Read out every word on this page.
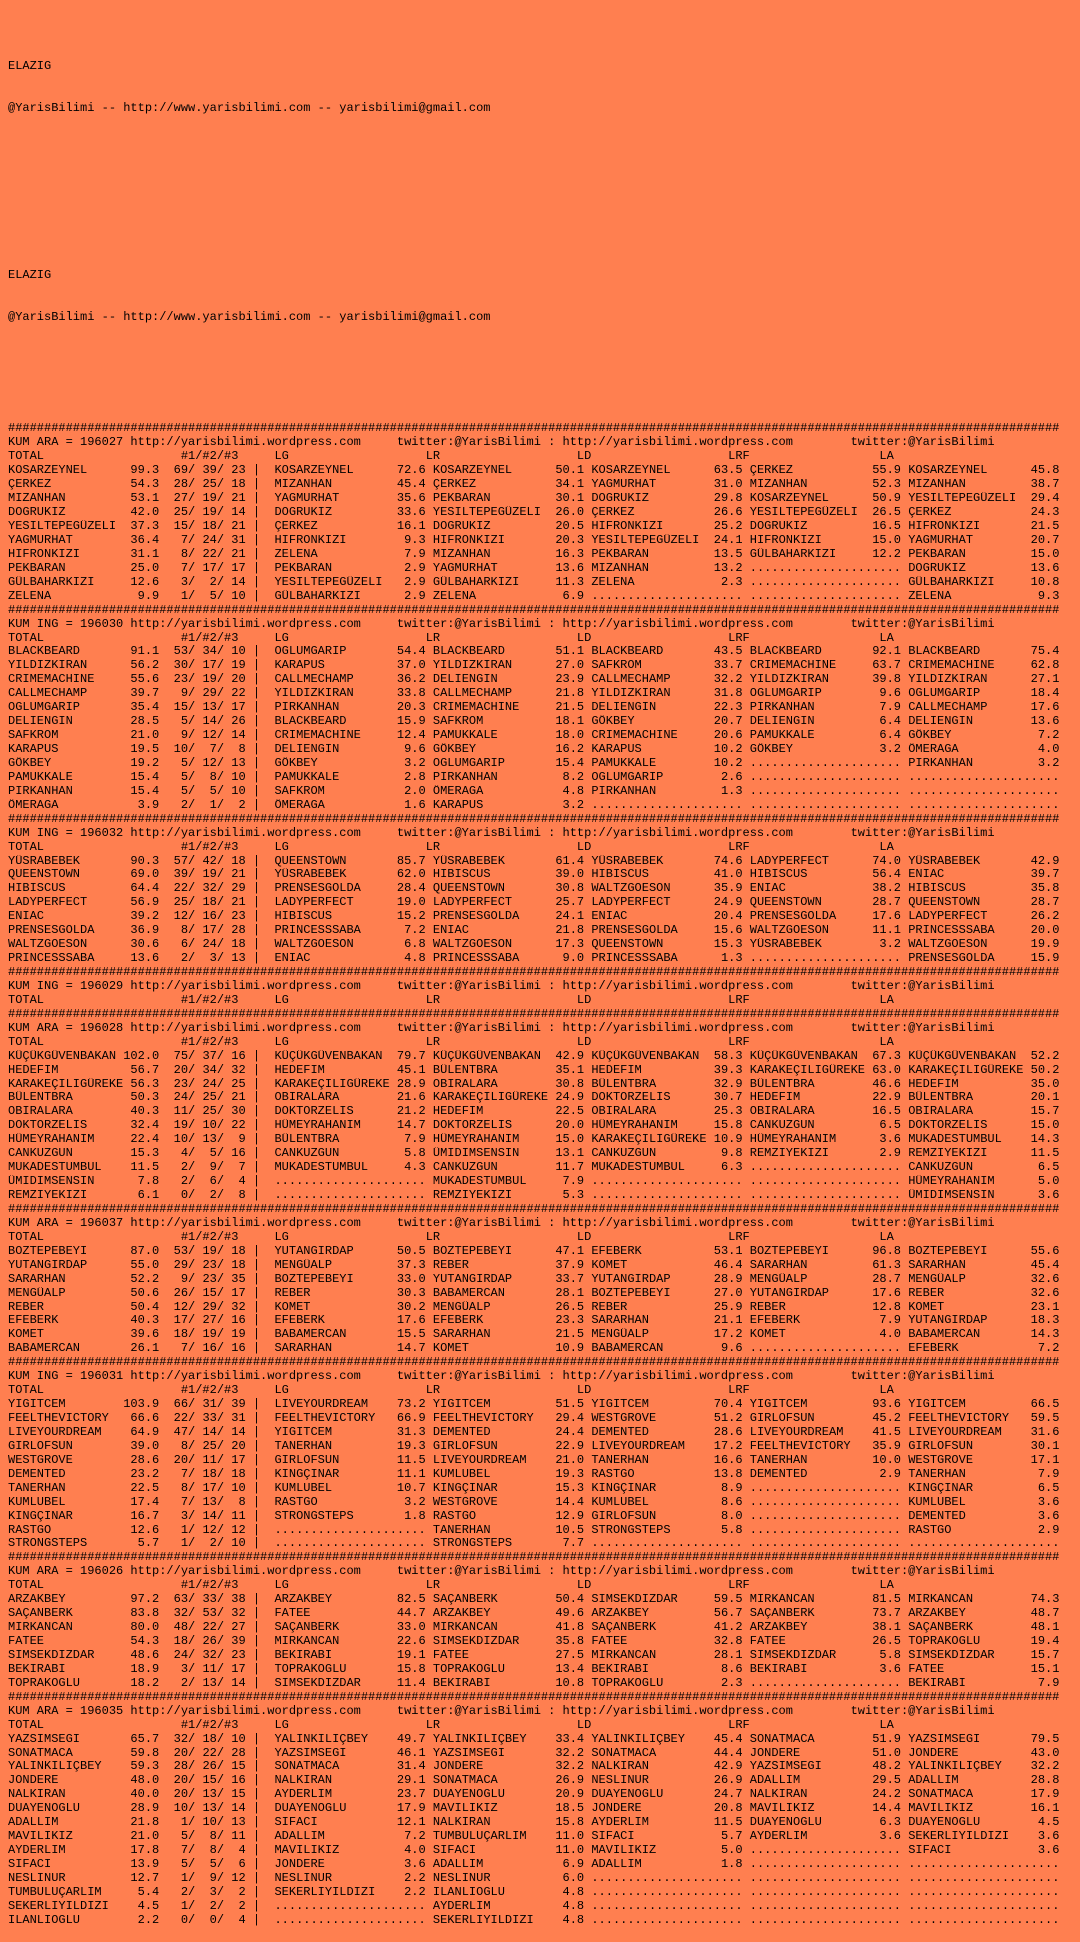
ELAZIG

@YarisBilimi -- http://www.yarisbilimi.com -- yarisbilimi@gmail.com

ELAZIG

@YarisBilimi -- http://www.yarisbilimi.com -- yarisbilimi@gmail.com

##################################################################################################################################################
KUM ARA = 196027 http://yarisbilimi.wordpress.com	twitter:@YarisBilimi : http://yarisbilimi.wordpress.com	twitter:@YarisBilimi
TOTAL                   #1/#2/#3     LG                   LR                   LD                   LRF                  LA
KOSARZEYNEL      99.3 69/ 39/ 23 | KOSARZEYNEL      72.6 KOSARZEYNEL      50.1 KOSARZEYNEL      63.5 ÇERKEZ           55.9 KOSARZEYNEL      45.8
ÇERKEZ           54.3 28/ 25/ 18 | MIZANHAN         45.4 ÇERKEZ           34.1 YAGMURHAT        31.0 MIZANHAN         52.3 MIZANHAN         38.7
MIZANHAN         53.1 27/ 19/ 21 | YAGMURHAT        35.6 PEKBARAN         30.1 DOGRUKIZ         29.8 KOSARZEYNEL      50.9 YESILTEPEGÜZELI  29.4
DOGRUKIZ         42.0 25/ 19/ 14 | DOGRUKIZ         33.6 YESILTEPEGÜZELI  26.0 ÇERKEZ           26.6 YESILTEPEGÜZELI  26.5 ÇERKEZ           24.3
YESILTEPEGÜZELI  37.3 15/ 18/ 21 | ÇERKEZ           16.1 DOGRUKIZ         20.5 HIFRONKIZI       25.2 DOGRUKIZ         16.5 HIFRONKIZI       21.5
YAGMURHAT        36.4   7/ 24/ 31 | HIFRONKIZI        9.3 HIFRONKIZI       20.3 YESILTEPEGÜZELI  24.1 HIFRONKIZI       15.0 YAGMURHAT        20.7
HIFRONKIZI       31.1   8/ 22/ 21 | ZELENA            7.9 MIZANHAN         16.3 PEKBARAN         13.5 GÜLBAHARKIZI     12.2 PEKBARAN         15.0
PEKBARAN         25.0   7/ 17/ 17 | PEKBARAN          2.9 YAGMURHAT        13.6 MIZANHAN         13.2 ..................... DOGRUKIZ         13.6
GÜLBAHARKIZI     12.6   3/  2/ 14 | YESILTEPEGÜZELI   2.9 GÜLBAHARKIZI     11.3 ZELENA            2.3 ..................... GÜLBAHARKIZI     10.8
ZELENA            9.9   1/  5/ 10 | GÜLBAHARKIZI      2.9 ZELENA            6.9 ..................... ..................... ZELENA            9.3
##################################################################################################################################################
KUM ING = 196030 http://yarisbilimi.wordpress.com	twitter:@YarisBilimi : http://yarisbilimi.wordpress.com	twitter:@YarisBilimi
TOTAL                   #1/#2/#3     LG                   LR                   LD                   LRF                  LA
BLACKBEARD       91.1 53/ 34/ 10 | OGLUMGARIP       54.4 BLACKBEARD       51.1 BLACKBEARD       43.5 BLACKBEARD       92.1 BLACKBEARD       75.4
YILDIZKIRAN      56.2 30/ 17/ 19 | KARAPUS          37.0 YILDIZKIRAN      27.0 SAFKROM          33.7 CRIMEMACHINE     63.7 CRIMEMACHINE     62.8
CRIMEMACHINE     55.6 23/ 19/ 20 | CALLMECHAMP      36.2 DELIENGIN        23.9 CALLMECHAMP      32.2 YILDIZKIRAN      39.8 YILDIZKIRAN      27.1
CALLMECHAMP      39.7   9/ 29/ 22 | YILDIZKIRAN      33.8 CALLMECHAMP      21.8 YILDIZKIRAN      31.8 OGLUMGARIP        9.6 OGLUMGARIP       18.4
OGLUMGARIP       35.4 15/ 13/ 17 | PIRKANHAN        20.3 CRIMEMACHINE     21.5 DELIENGIN        22.3 PIRKANHAN         7.9 CALLMECHAMP      17.6
DELIENGIN        28.5   5/ 14/ 26 | BLACKBEARD       15.9 SAFKROM          18.1 GÖKBEY           20.7 DELIENGIN         6.4 DELIENGIN        13.6
SAFKROM          21.0   9/ 12/ 14 | CRIMEMACHINE     12.4 PAMUKKALE        18.0 CRIMEMACHINE     20.6 PAMUKKALE         6.4 GÖKBEY            7.2
KARAPUS          19.5 10/  7/  8 | DELIENGIN         9.6 GÖKBEY           16.2 KARAPUS          10.2 GÖKBEY            3.2 ÖMERAGA           4.0
GÖKBEY           19.2   5/ 12/ 13 | GÖKBEY            3.2 OGLUMGARIP       15.4 PAMUKKALE        10.2 ..................... PIRKANHAN         3.2
PAMUKKALE        15.4   5/  8/ 10 | PAMUKKALE         2.8 PIRKANHAN         8.2 OGLUMGARIP        2.6 ..................... .....................
PIRKANHAN        15.4   5/  5/ 10 | SAFKROM           2.0 ÖMERAGA           4.8 PIRKANHAN         1.3 ..................... .....................
ÖMERAGA           3.9   2/  1/  2 | ÖMERAGA           1.6 KARAPUS           3.2 ..................... ..................... .....................
##################################################################################################################################################
KUM ING = 196032 http://yarisbilimi.wordpress.com	twitter:@YarisBilimi : http://yarisbilimi.wordpress.com	twitter:@YarisBilimi
TOTAL                   #1/#2/#3     LG                   LR                   LD                   LRF                  LA
YÜSRABEBEK       90.3 57/ 42/ 18 | QUEENSTOWN       85.7 YÜSRABEBEK       61.4 YÜSRABEBEK       74.6 LADYPERFECT      74.0 YÜSRABEBEK       42.9
QUEENSTOWN       69.0 39/ 19/ 21 | YÜSRABEBEK       62.0 HIBISCUS         39.0 HIBISCUS         41.0 HIBISCUS         56.4 ENIAC            39.7
HIBISCUS         64.4 22/ 32/ 29 | PRENSESGOLDA     28.4 QUEENSTOWN       30.8 WALTZGOESON      35.9 ENIAC            38.2 HIBISCUS         35.8
LADYPERFECT      56.9 25/ 18/ 21 | LADYPERFECT      19.0 LADYPERFECT      25.7 LADYPERFECT      24.9 QUEENSTOWN       28.7 QUEENSTOWN       28.7
ENIAC            39.2 12/ 16/ 23 | HIBISCUS         15.2 PRENSESGOLDA     24.1 ENIAC            20.4 PRENSESGOLDA     17.6 LADYPERFECT      26.2
PRENSESGOLDA     36.9   8/ 17/ 28 | PRINCESSSABA      7.2 ENIAC            21.8 PRENSESGOLDA     15.6 WALTZGOESON      11.1 PRINCESSSABA     20.0
WALTZGOESON      30.6   6/ 24/ 18 | WALTZGOESON       6.8 WALTZGOESON      17.3 QUEENSTOWN       15.3 YÜSRABEBEK        3.2 WALTZGOESON      19.9
PRINCESSSABA     13.6   2/  3/ 13 | ENIAC             4.8 PRINCESSSABA      9.0 PRINCESSSABA      1.3 ..................... PRENSESGOLDA     15.9
##################################################################################################################################################
KUM ING = 196029 http://yarisbilimi.wordpress.com	twitter:@YarisBilimi : http://yarisbilimi.wordpress.com	twitter:@YarisBilimi
TOTAL                   #1/#2/#3     LG                   LR                   LD                   LRF                  LA
##################################################################################################################################################
KUM ARA = 196028 http://yarisbilimi.wordpress.com	twitter:@YarisBilimi : http://yarisbilimi.wordpress.com	twitter:@YarisBilimi
TOTAL                   #1/#2/#3     LG                   LR                   LD                   LRF                  LA
KÜÇÜKGÜVENBAKAN 102.0 75/ 37/ 16 | KÜÇÜKGÜVENBAKAN  79.7 KÜÇÜKGÜVENBAKAN  42.9 KÜÇÜKGÜVENBAKAN  58.3 KÜÇÜKGÜVENBAKAN  67.3 KÜÇÜKGÜVENBAKAN  52.2
HEDEFIM          56.7 20/ 34/ 32 | HEDEFIM          45.1 BÜLENTBRA        35.1 HEDEFIM          39.3 KARAKEÇILIGÜREKE 63.0 KARAKEÇILIGÜREKE 50.2
KARAKEÇILIGÜREKE 56.3 23/ 24/ 25 | KARAKEÇILIGÜREKE 28.9 OBIRALARA        30.8 BÜLENTBRA        32.9 BÜLENTBRA        46.6 HEDEFIM          35.0
BÜLENTBRA        50.3 24/ 25/ 21 | OBIRALARA        21.6 KARAKEÇILIGÜREKE 24.9 DOKTORZELIS      30.7 HEDEFIM          22.9 BÜLENTBRA        20.1
OBIRALARA        40.3 11/ 25/ 30 | DOKTORZELIS      21.2 HEDEFIM          22.5 OBIRALARA        25.3 OBIRALARA        16.5 OBIRALARA        15.7
DOKTORZELIS      32.4 19/ 10/ 22 | HÜMEYRAHANIM     14.7 DOKTORZELIS      20.0 HÜMEYRAHANIM     15.8 CANKUZGUN         6.5 DOKTORZELIS      15.0
HÜMEYRAHANIM     22.4 10/ 13/  9 | BÜLENTBRA         7.9 HÜMEYRAHANIM     15.0 KARAKEÇILIGÜREKE 10.9 HÜMEYRAHANIM      3.6 MUKADESTUMBUL    14.3
CANKUZGUN        15.3   4/  5/ 16 | CANKUZGUN         5.8 ÜMIDIMSENSIN     13.1 CANKUZGUN         9.8 REMZIYEKIZI       2.9 REMZIYEKIZI      11.5
MUKADESTUMBUL    11.5   2/  9/  7 | MUKADESTUMBUL     4.3 CANKUZGUN        11.7 MUKADESTUMBUL     6.3 ..................... CANKUZGUN         6.5
ÜMIDIMSENSIN      7.8   2/  6/  4 | ..................... MUKADESTUMBUL     7.9 ..................... ..................... HÜMEYRAHANIM      5.0
REMZIYEKIZI       6.1   0/  2/  8 | ..................... REMZIYEKIZI       5.3 ..................... ..................... ÜMIDIMSENSIN      3.6
##################################################################################################################################################
KUM ARA = 196037 http://yarisbilimi.wordpress.com	twitter:@YarisBilimi : http://yarisbilimi.wordpress.com	twitter:@YarisBilimi
TOTAL                   #1/#2/#3     LG                   LR                   LD                   LRF                  LA
BOZTEPEBEYI      87.0 53/ 19/ 18 | YUTANGIRDAP      50.5 BOZTEPEBEYI      47.1 EFEBERK          53.1 BOZTEPEBEYI      96.8 BOZTEPEBEYI      55.6
YUTANGIRDAP      55.0 29/ 23/ 18 | MENGÜALP         37.3 REBER            37.9 KOMET            46.4 SARARHAN         61.3 SARARHAN         45.4
SARARHAN         52.2   9/ 23/ 35 | BOZTEPEBEYI      33.0 YUTANGIRDAP      33.7 YUTANGIRDAP      28.9 MENGÜALP         28.7 MENGÜALP         32.6
MENGÜALP         50.6 26/ 15/ 17 | REBER            30.3 BABAMERCAN       28.1 BOZTEPEBEYI      27.0 YUTANGIRDAP      17.6 REBER            32.6
REBER            50.4 12/ 29/ 32 | KOMET            30.2 MENGÜALP         26.5 REBER            25.9 REBER            12.8 KOMET            23.1
EFEBERK          40.3 17/ 27/ 16 | EFEBERK          17.6 EFEBERK          23.3 SARARHAN         21.1 EFEBERK           7.9 YUTANGIRDAP      18.3
KOMET            39.6 18/ 19/ 19 | BABAMERCAN       15.5 SARARHAN         21.5 MENGÜALP         17.2 KOMET             4.0 BABAMERCAN       14.3
BABAMERCAN       26.1   7/ 16/ 16 | SARARHAN         14.7 KOMET            10.9 BABAMERCAN        9.6 ..................... EFEBERK           7.2
##################################################################################################################################################
KUM ING = 196031 http://yarisbilimi.wordpress.com	twitter:@YarisBilimi : http://yarisbilimi.wordpress.com	twitter:@YarisBilimi
TOTAL                   #1/#2/#3     LG                   LR                   LD                   LRF                  LA
YIGITCEM        103.9 66/ 31/ 39 | LIVEYOURDREAM    73.2 YIGITCEM         51.5 YIGITCEM         70.4 YIGITCEM         93.6 YIGITCEM         66.5
FEELTHEVICTORY   66.6 22/ 33/ 31 | FEELTHEVICTORY   66.9 FEELTHEVICTORY   29.4 WESTGROVE        51.2 GIRLOFSUN        45.2 FEELTHEVICTORY   59.5
LIVEYOURDREAM    64.9 47/ 14/ 14 | YIGITCEM         31.3 DEMENTED         24.4 DEMENTED         28.6 LIVEYOURDREAM    41.5 LIVEYOURDREAM    31.6
GIRLOFSUN        39.0   8/ 25/ 20 | TANERHAN         19.3 GIRLOFSUN        22.9 LIVEYOURDREAM    17.2 FEELTHEVICTORY   35.9 GIRLOFSUN        30.1
WESTGROVE        28.6 20/ 11/ 17 | GIRLOFSUN        11.5 LIVEYOURDREAM    21.0 TANERHAN         16.6 TANERHAN         10.0 WESTGROVE        17.1
DEMENTED         23.2   7/ 18/ 18 | KINGÇINAR        11.1 KUMLUBEL         19.3 RASTGO           13.8 DEMENTED          2.9 TANERHAN          7.9
TANERHAN         22.5   8/ 17/ 10 | KUMLUBEL         10.7 KINGÇINAR        15.3 KINGÇINAR         8.9 ..................... KINGÇINAR         6.5
KUMLUBEL         17.4   7/ 13/  8 | RASTGO            3.2 WESTGROVE        14.4 KUMLUBEL          8.6 ..................... KUMLUBEL          3.6
KINGÇINAR        16.7   3/ 14/ 11 | STRONGSTEPS       1.8 RASTGO           12.9 GIRLOFSUN         8.0 ..................... DEMENTED          3.6
RASTGO           12.6   1/ 12/ 12 | ..................... TANERHAN         10.5 STRONGSTEPS       5.8 ..................... RASTGO            2.9
STRONGSTEPS       5.7   1/  2/ 10 | ..................... STRONGSTEPS       7.7 ..................... ..................... .....................
##################################################################################################################################################
KUM ARA = 196026 http://yarisbilimi.wordpress.com	twitter:@YarisBilimi : http://yarisbilimi.wordpress.com	twitter:@YarisBilimi
TOTAL                   #1/#2/#3     LG                   LR                   LD                   LRF                  LA
ARZAKBEY         97.2 63/ 33/ 38 | ARZAKBEY         82.5 SAÇANBERK        50.4 SIMSEKDIZDAR     59.5 MIRKANCAN        81.5 MIRKANCAN        74.3
SAÇANBERK        83.8 32/ 53/ 32 | FATEE            44.7 ARZAKBEY         49.6 ARZAKBEY         56.7 SAÇANBERK        73.7 ARZAKBEY         48.7
MIRKANCAN        80.0 48/ 22/ 27 | SAÇANBERK        33.0 MIRKANCAN        41.8 SAÇANBERK        41.2 ARZAKBEY         38.1 SAÇANBERK        48.1
FATEE            54.3 18/ 26/ 39 | MIRKANCAN        22.6 SIMSEKDIZDAR     35.8 FATEE            32.8 FATEE            26.5 TOPRAKOGLU       19.4
SIMSEKDIZDAR     48.6 24/ 32/ 23 | BEKIRABI         19.1 FATEE            27.5 MIRKANCAN        28.1 SIMSEKDIZDAR      5.8 SIMSEKDIZDAR     15.7
BEKIRABI         18.9   3/ 11/ 17 | TOPRAKOGLU       15.8 TOPRAKOGLU       13.4 BEKIRABI          8.6 BEKIRABI          3.6 FATEE            15.1
TOPRAKOGLU       18.2   2/ 13/ 14 | SIMSEKDIZDAR     11.4 BEKIRABI         10.8 TOPRAKOGLU        2.3 ..................... BEKIRABI          7.9
##################################################################################################################################################
KUM ARA = 196035 http://yarisbilimi.wordpress.com	twitter:@YarisBilimi : http://yarisbilimi.wordpress.com	twitter:@YarisBilimi
TOTAL                   #1/#2/#3     LG                   LR                   LD                   LRF                  LA
YAZSIMSEGI       65.7 32/ 18/ 10 | YALINKILIÇBEY    49.7 YALINKILIÇBEY    33.4 YALINKILIÇBEY    45.4 SONATMACA        51.9 YAZSIMSEGI       79.5
SONATMACA        59.8 20/ 22/ 28 | YAZSIMSEGI       46.1 YAZSIMSEGI       32.2 SONATMACA        44.4 JONDERE          51.0 JONDERE          43.0
YALINKILIÇBEY    59.3 28/ 26/ 15 | SONATMACA        31.4 JONDERE          32.2 NALKIRAN         42.9 YAZSIMSEGI       48.2 YALINKILIÇBEY    32.2
JONDERE          48.0 20/ 15/ 16 | NALKIRAN         29.1 SONATMACA        26.9 NESLINUR         26.9 ADALLIM          29.5 ADALLIM          28.8
NALKIRAN         40.0 20/ 13/ 15 | AYDERLIM         23.7 DUAYENOGLU       20.9 DUAYENOGLU       24.7 NALKIRAN         24.2 SONATMACA        17.9
DUAYENOGLU       28.9 10/ 13/ 14 | DUAYENOGLU       17.9 MAVILIKIZ        18.5 JONDERE          20.8 MAVILIKIZ        14.4 MAVILIKIZ        16.1
ADALLIM          21.8   1/ 10/ 13 | SIFACI           12.1 NALKIRAN         15.8 AYDERLIM         11.5 DUAYENOGLU        6.3 DUAYENOGLU        4.5
MAVILIKIZ        21.0   5/  8/ 11 | ADALLIM           7.2 TUMBULUÇARLIM    11.0 SIFACI            5.7 AYDERLIM          3.6 SEKERLIYILDIZI    3.6
AYDERLIM         17.8   7/  8/  4 | MAVILIKIZ         4.0 SIFACI           11.0 MAVILIKIZ         5.0 ..................... SIFACI            3.6
SIFACI           13.9   5/  5/  6 | JONDERE           3.6 ADALLIM           6.9 ADALLIM           1.8 ..................... .....................
NESLINUR         12.7   1/  9/ 12 | NESLINUR          2.2 NESLINUR          6.0 ..................... ..................... .....................
TUMBULUÇARLIM     5.4   2/  3/  2 | SEKERLIYILDIZI    2.2 ILANLIOGLU        4.8 ..................... ..................... .....................
SEKERLIYILDIZI    4.5   1/  2/  2 | ..................... AYDERLIM          4.8 ..................... ..................... .....................
ILANLIOGLU        2.2   0/  0/  4 | ..................... SEKERLIYILDIZI    4.8 ..................... ..................... .....................
